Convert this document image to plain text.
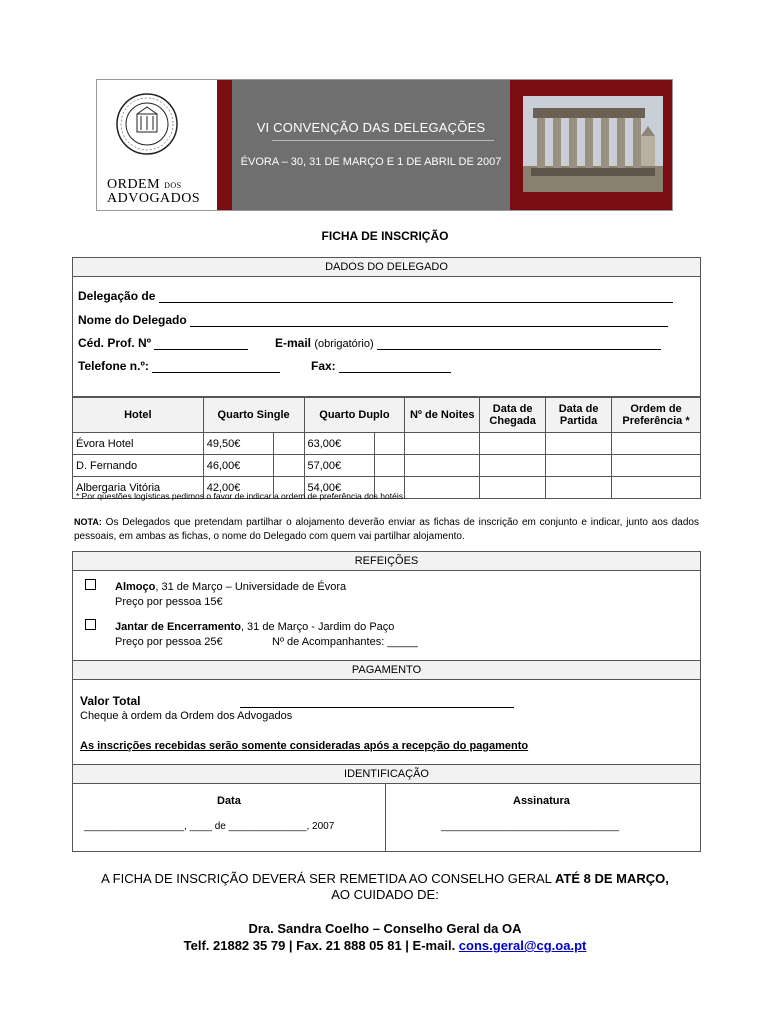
ORDEM DOS
ADVOGADOS
VI CONVENÇÃO DAS DELEGAÇÕES
ÉVORA – 30, 31 DE MARÇO E 1 DE ABRIL DE 2007
FICHA DE INSCRIÇÃO
DADOS DO DELEGADO
Delegação de
Nome do Delegado
Céd. Prof. Nº	E-mail (obrigatório)
Telefone n.º:	Fax:
Hotel	Quarto Single		Quarto Duplo		Nº de Noites	Data de Chegada	Data de Partida	Ordem de Preferência *
Évora Hotel	49,50€		63,00€					
D. Fernando	46,00€		57,00€					
Albergaria Vitória	42,00€		54,00€					
* Por questões logísticas pedimos o favor de indicar a ordem de preferência dos hotéis.
NOTA: Os Delegados que pretendam partilhar o alojamento deverão enviar as fichas de inscrição em conjunto e indicar, junto aos dados pessoais, em ambas as fichas, o nome do Delegado com quem vai partilhar alojamento.
REFEIÇÕES
Almoço, 31 de Março – Universidade de Évora
Preço por pessoa 15€
Jantar de Encerramento, 31 de Março - Jardim do Paço
Preço por pessoa 25€	Nº de Acompanhantes: _____
PAGAMENTO
Valor Total
Cheque à ordem da Ordem dos Advogados
As inscrições recebidas serão somente consideradas após a recepção do pagamento
IDENTIFICAÇÃO
Data	Assinatura
__________________, ____ de ______________, 2007	________________________________
A FICHA DE INSCRIÇÃO DEVERÁ SER REMETIDA AO CONSELHO GERAL ATÉ 8 DE MARÇO,
AO CUIDADO DE:
Dra. Sandra Coelho – Conselho Geral da OA
Telf. 21882 35 79 | Fax. 21 888 05 81 | E-mail. cons.geral@cg.oa.pt
